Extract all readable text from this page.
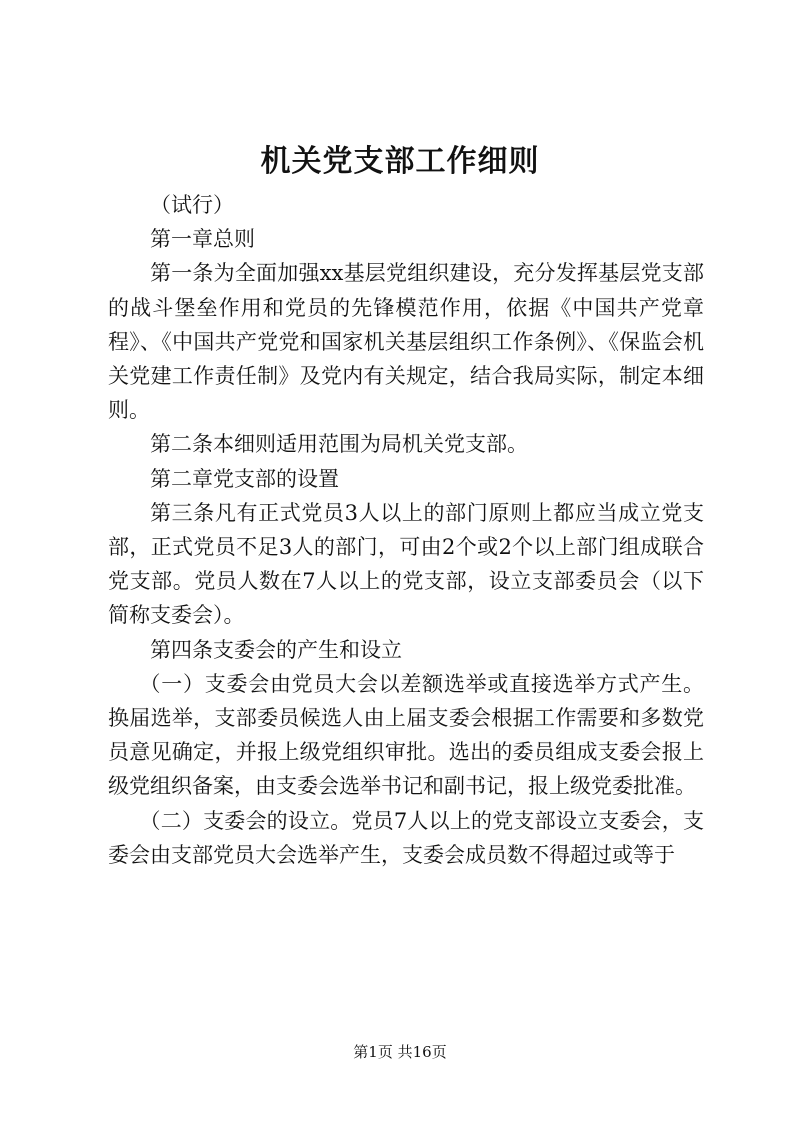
机关党支部工作细则

（试行）

第一章总则

第一条为全面加强xx基层党组织建设，充分发挥基层党支部的战斗堡垒作用和党员的先锋模范作用，依据《中国共产党章程》、《中国共产党党和国家机关基层组织工作条例》、《保监会机关党建工作责任制》及党内有关规定，结合我局实际，制定本细则。

第二条本细则适用范围为局机关党支部。

第二章党支部的设置

第三条凡有正式党员3人以上的部门原则上都应当成立党支部，正式党员不足3人的部门，可由2个或2个以上部门组成联合党支部。党员人数在7人以上的党支部，设立支部委员会（以下简称支委会）。

第四条支委会的产生和设立

（一）支委会由党员大会以差额选举或直接选举方式产生。换届选举，支部委员候选人由上届支委会根据工作需要和多数党员意见确定，并报上级党组织审批。选出的委员组成支委会报上级党组织备案，由支委会选举书记和副书记，报上级党委批准。

（二）支委会的设立。党员7人以上的党支部设立支委会，支委会由支部党员大会选举产生，支委会成员数不得超过或等于

第1页 共16页
